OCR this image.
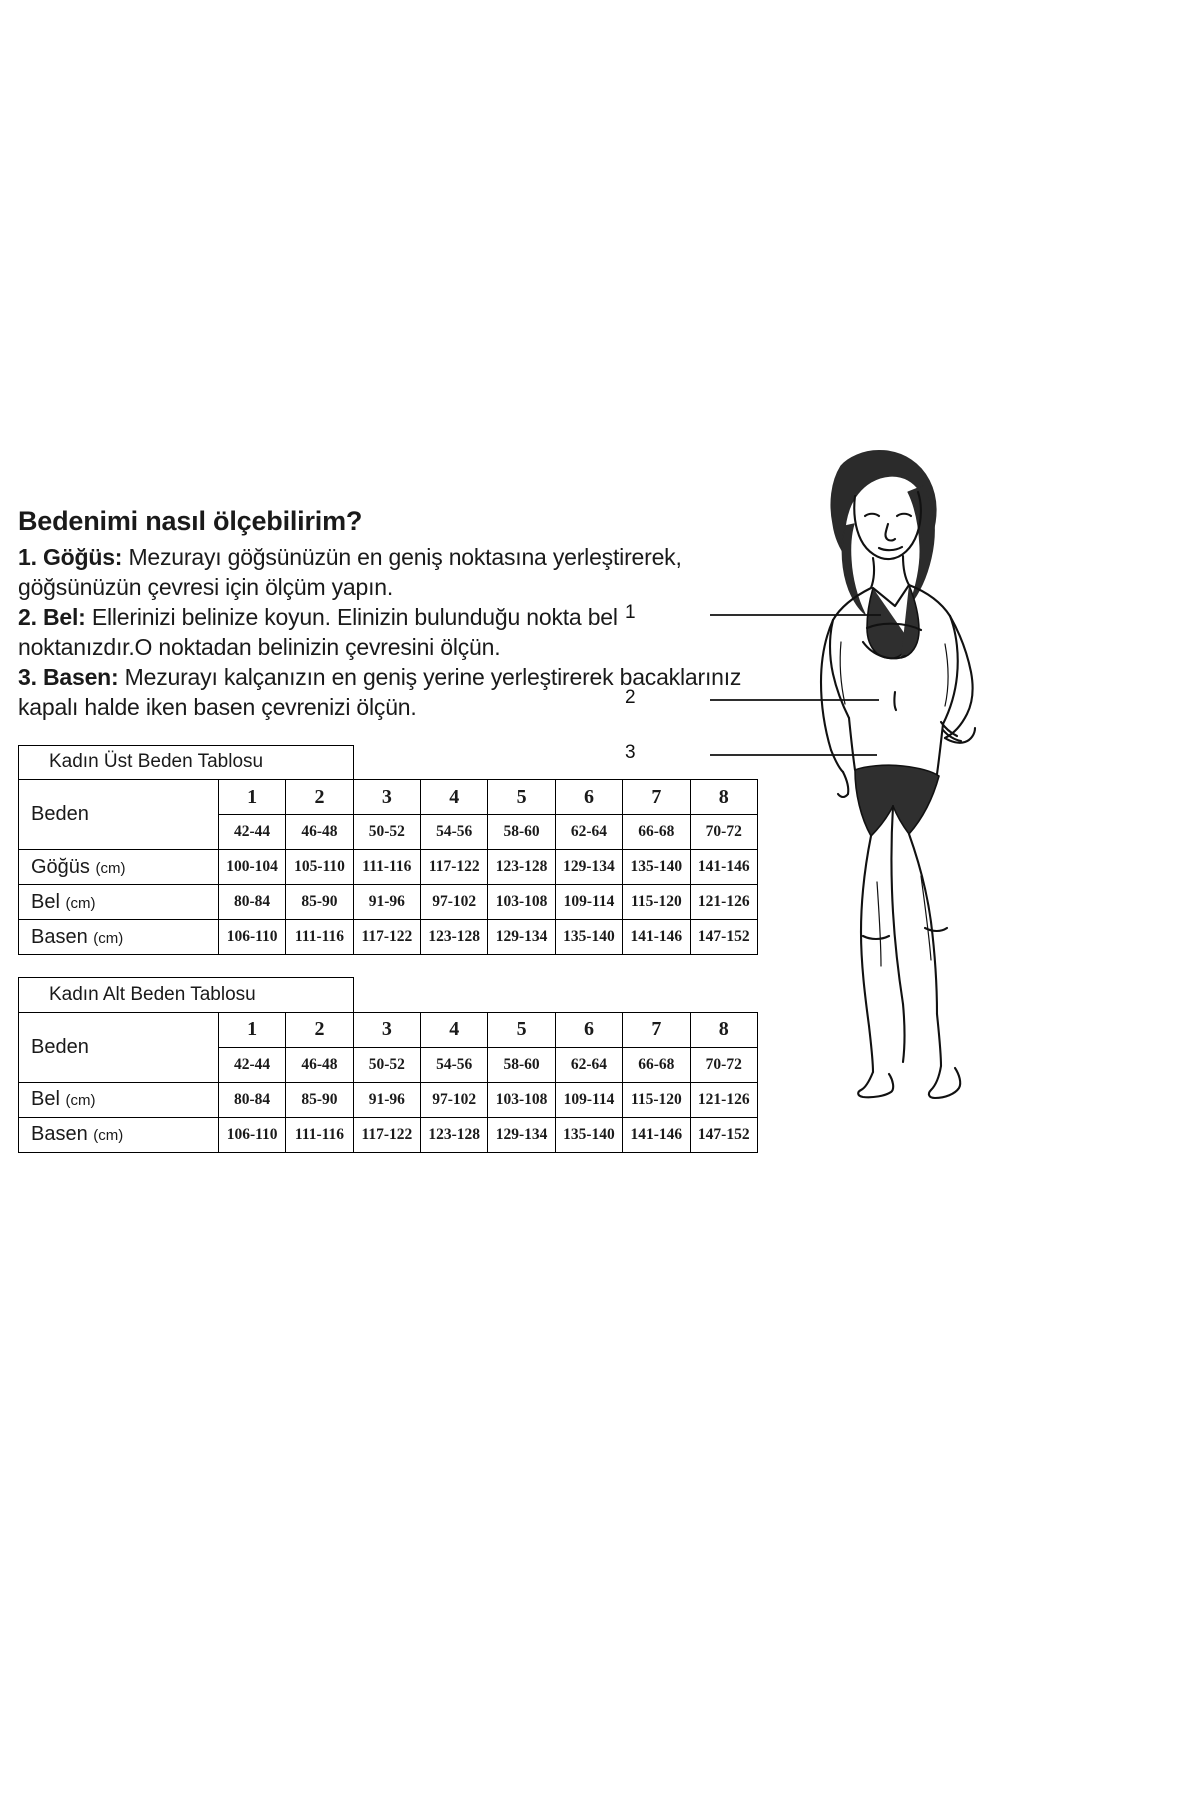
Bedenimi nasıl ölçebilirim?

1. Göğüs: Mezurayı göğsünüzün en geniş noktasına yerleştirerek, göğsünüzün çevresi için ölçüm yapın.

2. Bel: Ellerinizi belinize koyun. Elinizin bulunduğu nokta bel noktanızdır.O noktadan belinizin çevresini ölçün.

3. Basen: Mezurayı kalçanızın en geniş yerine yerleştirerek bacaklarınız kapalı halde iken basen çevrenizi ölçün.

Kadın Üst Beden Tablosu								
Beden	1	2	3	4	5	6	7	8
	42-44	46-48	50-52	54-56	58-60	62-64	66-68	70-72
Göğüs (cm)	100-104	105-110	111-116	117-122	123-128	129-134	135-140	141-146
Bel (cm)	80-84	85-90	91-96	97-102	103-108	109-114	115-120	121-126
Basen (cm)	106-110	111-116	117-122	123-128	129-134	135-140	141-146	147-152
Kadın Alt Beden Tablosu								
Beden	1	2	3	4	5	6	7	8
	42-44	46-48	50-52	54-56	58-60	62-64	66-68	70-72
Bel (cm)	80-84	85-90	91-96	97-102	103-108	109-114	115-120	121-126
Basen (cm)	106-110	111-116	117-122	123-128	129-134	135-140	141-146	147-152
1
2
3
